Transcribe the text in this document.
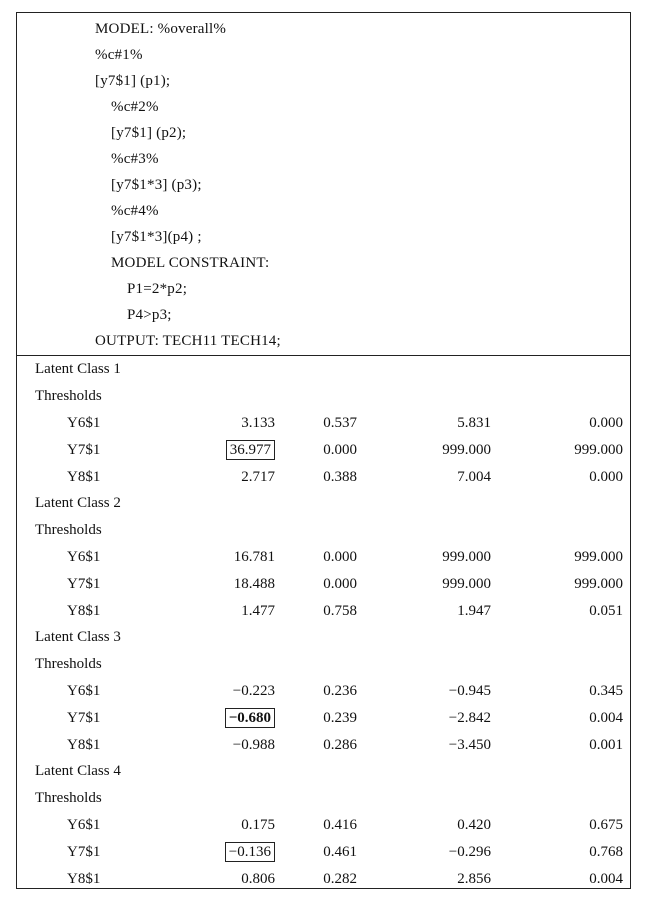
MODEL: %overall%
%c#1%
[y7$1] (p1);
%c#2%
[y7$1] (p2);
%c#3%
[y7$1*3] (p3);
%c#4%
[y7$1*3](p4) ;
MODEL CONSTRAINT:
P1=2*p2;
P4>p3;
OUTPUT: TECH11 TECH14;
Latent Class 1
Thresholds
Y6$1	3.133	0.537	5.831	0.000
Y7$1	36.977	0.000	999.000	999.000
Y8$1	2.717	0.388	7.004	0.000
Latent Class 2
Thresholds
Y6$1	16.781	0.000	999.000	999.000
Y7$1	18.488	0.000	999.000	999.000
Y8$1	1.477	0.758	1.947	0.051
Latent Class 3
Thresholds
Y6$1	−0.223	0.236	−0.945	0.345
Y7$1	−0.680	0.239	−2.842	0.004
Y8$1	−0.988	0.286	−3.450	0.001
Latent Class 4
Thresholds
Y6$1	0.175	0.416	0.420	0.675
Y7$1	−0.136	0.461	−0.296	0.768
Y8$1	0.806	0.282	2.856	0.004
